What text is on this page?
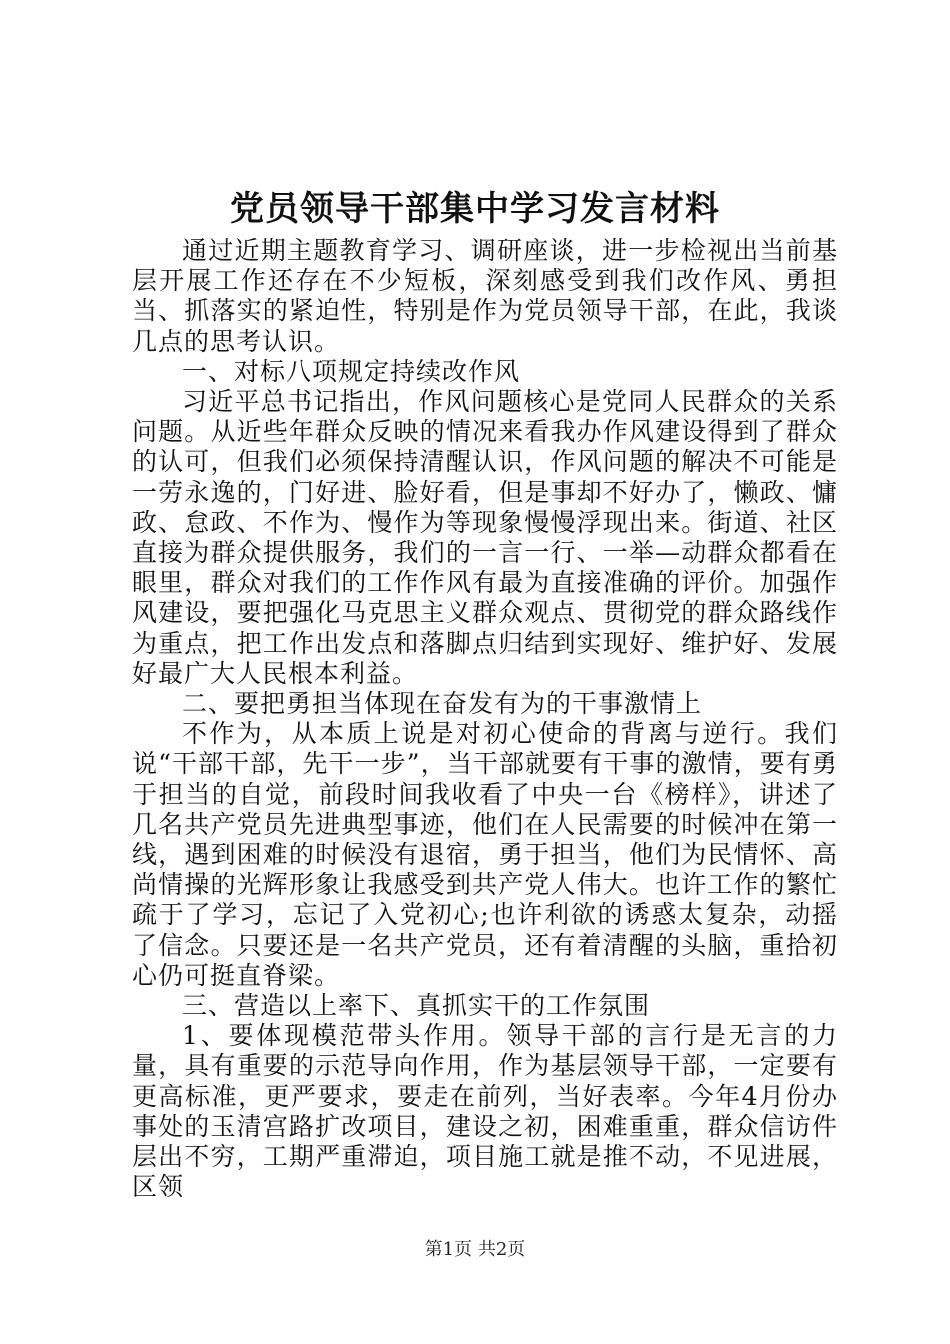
党员领导干部集中学习发言材料

通过近期主题教育学习、调研座谈，进一步检视出当前基层开展工作还存在不少短板，深刻感受到我们改作风、勇担当、抓落实的紧迫性，特别是作为党员领导干部，在此，我谈几点的思考认识。

一、对标八项规定持续改作风

习近平总书记指出，作风问题核心是党同人民群众的关系问题。从近些年群众反映的情况来看我办作风建设得到了群众的认可，但我们必须保持清醒认识，作风问题的解决不可能是一劳永逸的，门好进、脸好看，但是事却不好办了，懒政、慵政、怠政、不作为、慢作为等现象慢慢浮现出来。街道、社区直接为群众提供服务，我们的一言一行、一举—动群众都看在眼里，群众对我们的工作作风有最为直接准确的评价。加强作风建设，要把强化马克思主义群众观点、贯彻党的群众路线作为重点，把工作出发点和落脚点归结到实现好、维护好、发展好最广大人民根本利益。

二、要把勇担当体现在奋发有为的干事激情上

不作为，从本质上说是对初心使命的背离与逆行。我们说“干部干部，先干一步”，当干部就要有干事的激情，要有勇于担当的自觉，前段时间我收看了中央一台《榜样》，讲述了几名共产党员先进典型事迹，他们在人民需要的时候冲在第一线，遇到困难的时候没有退宿，勇于担当，他们为民情怀、高尚情操的光辉形象让我感受到共产党人伟大。也许工作的繁忙疏于了学习，忘记了入党初心;也许利欲的诱惑太复杂，动摇了信念。只要还是一名共产党员，还有着清醒的头脑，重拾初心仍可挺直脊梁。

三、营造以上率下、真抓实干的工作氛围

1、要体现模范带头作用。领导干部的言行是无言的力量，具有重要的示范导向作用，作为基层领导干部，一定要有更高标准，更严要求，要走在前列，当好表率。今年4月份办事处的玉清宫路扩改项目，建设之初，困难重重，群众信访件层出不穷，工期严重滞迫，项目施工就是推不动，不见进展，区领

第1页 共2页
